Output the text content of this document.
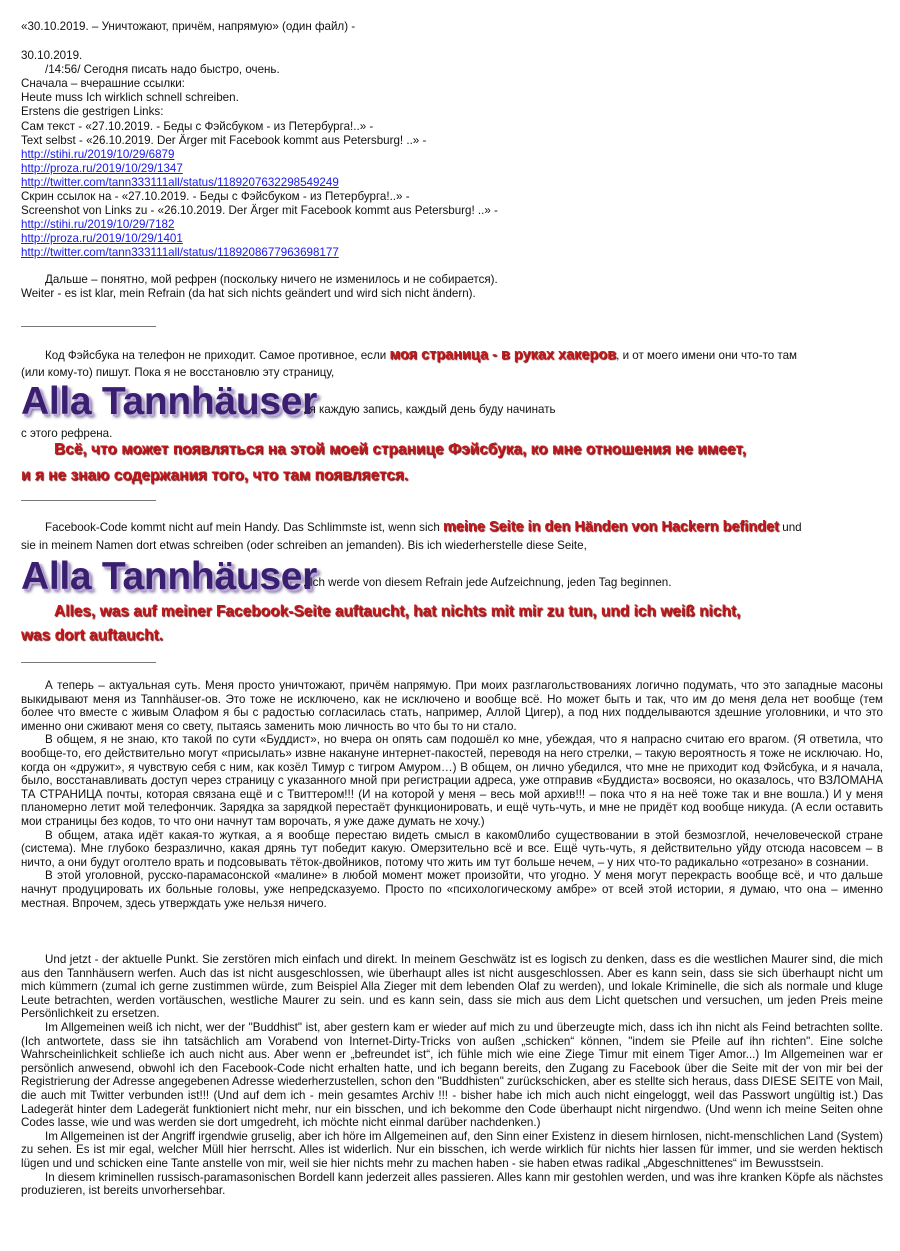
«30.10.2019. – Уничтожают, причём, напрямую» (один файл) -
30.10.2019.
/14:56/ Сегодня писать надо быстро, очень.
Сначала – вчерашние ссылки:
Heute muss Ich wirklich schnell schreiben.
Erstens die gestrigen Links:
Сам текст - «27.10.2019. - Беды с Фэйсбуком - из Петербурга!..» -
Text selbst - «26.10.2019. Der Ärger mit Facebook kommt aus Petersburg! ..» -
http://stihi.ru/2019/10/29/6879
http://proza.ru/2019/10/29/1347
http://twitter.com/tann333111all/status/1189207632298549249
Скрин ссылок на - «27.10.2019. - Беды с Фэйсбуком - из Петербурга!..» -
Screenshot von Links zu - «26.10.2019. Der Ärger mit Facebook kommt aus Petersburg! ..» -
http://stihi.ru/2019/10/29/7182
http://proza.ru/2019/10/29/1401
http://twitter.com/tann333111all/status/1189208677963698177
Дальше – понятно, мой рефрен (поскольку ничего не изменилось и не собирается).
Weiter - es ist klar, mein Refrain (da hat sich nichts geändert und wird sich nicht ändern).
Код Фэйсбука на телефон не приходит. Самое противное, если моя страница - в руках хакеров, и от моего имени они что-то там
(или кому-то) пишут. Пока я не восстановлю эту страницу,
Alla Tannhäuser
, я каждую запись, каждый день буду начинать
с этого рефрена.
Всё, что может появляться на этой моей странице Фэйсбука, ко мне отношения не имеет,
и я не знаю содержания того, что там появляется.
Facebook-Code kommt nicht auf mein Handy. Das Schlimmste ist, wenn sich meine Seite in den Händen von Hackern befindet und
sie in meinem Namen dort etwas schreiben (oder schreiben an jemanden). Bis ich wiederherstelle diese Seite,
Alla Tannhäuser
, Ich werde von diesem Refrain jede Aufzeichnung, jeden Tag beginnen.
Alles, was auf meiner Facebook-Seite auftaucht, hat nichts mit mir zu tun, und ich weiß nicht,
was dort auftaucht.

А теперь – актуальная суть. Меня просто уничтожают, причём напрямую. При моих разглагольствованиях логично подумать, что это западные масоны выкидывают меня из Tannhäuser-ов. Это тоже не исключено, как не исключено и вообще всё. Но может быть и так, что им до меня дела нет вообще (тем более что вместе с живым Олафом я бы с радостью согласилась стать, например, Аллой Цигер), а под них подделываются здешние уголовники, и что это именно они сживают меня со свету, пытаясь заменить мою личность во что бы то ни стало.

В общем, я не знаю, кто такой по сути «Буддист», но вчера он опять сам подошёл ко мне, убеждая, что я напрасно считаю его врагом. (Я ответила, что вообще-то, его действительно могут «присылать» извне накануне интернет-пакостей, переводя на него стрелки, – такую вероятность я тоже не исключаю. Но, когда он «дружит», я чувствую себя с ним, как козёл Тимур с тигром Амуром…) В общем, он лично убедился, что мне не приходит код Фэйсбука, и я начала, было, восстанавливать доступ через страницу с указанного мной при регистрации адреса, уже отправив «Буддиста» восвояси, но оказалось, что ВЗЛОМАНА ТА СТРАНИЦА почты, которая связана ещё и с Твиттером!!! (И на которой у меня – весь мой архив!!! – пока что я на неё тоже так и вне вошла.) И у меня планомерно летит мой телефончик. Зарядка за зарядкой перестаёт функционировать, и ещё чуть-чуть, и мне не придёт код вообще никуда. (А если оставить мои страницы без кодов, то что они начнут там ворочать, я уже даже думать не хочу.)

В общем, атака идёт какая-то жуткая, а я вообще перестаю видеть смысл в каком0либо существовании в этой безмозглой, нечеловеческой стране (система). Мне глубоко безразлично, какая дрянь тут победит какую. Омерзительно всё и все. Ещё чуть-чуть, я действительно уйду отсюда насовсем – в ничто, а они будут оголтело врать и подсовывать тёток-двойников, потому что жить им тут больше нечем, – у них что-то радикально «отрезано» в сознании.

В этой уголовной, русско-парамасонской «малине» в любой момент может произойти, что угодно. У меня могут перекрасть вообще всё, и что дальше начнут продуцировать их больные головы, уже непредсказуемо. Просто по «психологическому амбре» от всей этой истории, я думаю, что она – именно местная. Впрочем, здесь утверждать уже нельзя ничего.

Und jetzt - der aktuelle Punkt. Sie zerstören mich einfach und direkt. In meinem Geschwätz ist es logisch zu denken, dass es die westlichen Maurer sind, die mich aus den Tannhäusern werfen. Auch das ist nicht ausgeschlossen, wie überhaupt alles ist nicht ausgeschlossen. Aber es kann sein, dass sie sich überhaupt nicht um mich kümmern (zumal ich gerne zustimmen würde, zum Beispiel Alla Zieger mit dem lebenden Olaf zu werden), und lokale Kriminelle, die sich als normale und kluge Leute betrachten, werden vortäuschen, westliche Maurer zu sein. und es kann sein, dass sie mich aus dem Licht quetschen und versuchen, um jeden Preis meine Persönlichkeit zu ersetzen.

Im Allgemeinen weiß ich nicht, wer der "Buddhist" ist, aber gestern kam er wieder auf mich zu und überzeugte mich, dass ich ihn nicht als Feind betrachten sollte. (Ich antwortete, dass sie ihn tatsächlich am Vorabend von Internet-Dirty-Tricks von außen „schicken“ können, "indem sie Pfeile auf ihn richten". Eine solche Wahrscheinlichkeit schließe ich auch nicht aus. Aber wenn er „befreundet ist“, ich fühle mich wie eine Ziege Timur mit einem Tiger Amor...) Im Allgemeinen war er persönlich anwesend, obwohl ich den Facebook-Code nicht erhalten hatte, und ich begann bereits, den Zugang zu Facebook über die Seite mit der von mir bei der Registrierung der Adresse angegebenen Adresse wiederherzustellen, schon den "Buddhisten" zurückschicken, aber es stellte sich heraus, dass DIESE SEITE von Mail, die auch mit Twitter verbunden ist!!! (Und auf dem ich - mein gesamtes Archiv !!! - bisher habe ich mich auch nicht eingeloggt, weil das Passwort ungültig ist.) Das Ladegerät hinter dem Ladegerät funktioniert nicht mehr, nur ein bisschen, und ich bekomme den Code überhaupt nicht nirgendwo. (Und wenn ich meine Seiten ohne Codes lasse, wie und was werden sie dort umgedreht, ich möchte nicht einmal darüber nachdenken.)

Im Allgemeinen ist der Angriff irgendwie gruselig, aber ich höre im Allgemeinen auf, den Sinn einer Existenz in diesem hirnlosen, nicht-menschlichen Land (System) zu sehen. Es ist mir egal, welcher Müll hier herrscht. Alles ist widerlich. Nur ein bisschen, ich werde wirklich für nichts hier lassen für immer, und sie werden hektisch lügen und und schicken eine Tante anstelle von mir, weil sie hier nichts mehr zu machen haben - sie haben etwas radikal „Abgeschnittenes“ im Bewusstsein.

In diesem kriminellen russisch-paramasonischen Bordell kann jederzeit alles passieren. Alles kann mir gestohlen werden, und was ihre kranken Köpfe als nächstes produzieren, ist bereits unvorhersehbar.
